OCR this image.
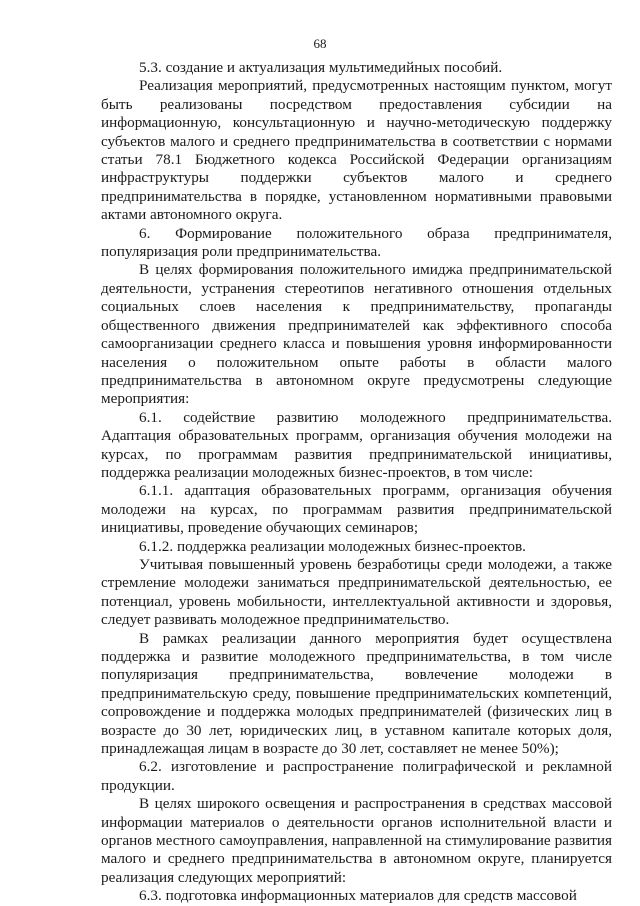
68

5.3. создание и актуализация мультимедийных пособий.

Реализация мероприятий, предусмотренных настоящим пунктом, могут быть реализованы посредством предоставления субсидии на информационную, консультационную и научно-методическую поддержку субъектов малого и среднего предпринимательства в соответствии с нормами статьи 78.1 Бюджетного кодекса Российской Федерации организациям инфраструктуры поддержки субъектов малого и среднего предпринимательства в порядке, установленном нормативными правовыми актами автономного округа.

6. Формирование положительного образа предпринимателя, популяризация роли предпринимательства.

В целях формирования положительного имиджа предпринимательской деятельности, устранения стереотипов негативного отношения отдельных социальных слоев населения к предпринимательству, пропаганды общественного движения предпринимателей как эффективного способа самоорганизации среднего класса и повышения уровня информированности населения о положительном опыте работы в области малого предпринимательства в автономном округе предусмотрены следующие мероприятия:

6.1. содействие развитию молодежного предпринимательства. Адаптация образовательных программ, организация обучения молодежи на курсах, по программам развития предпринимательской инициативы, поддержка реализации молодежных бизнес-проектов, в том числе:

6.1.1. адаптация образовательных программ, организация обучения молодежи на курсах, по программам развития предпринимательской инициативы, проведение обучающих семинаров;

6.1.2. поддержка реализации молодежных бизнес-проектов.

Учитывая повышенный уровень безработицы среди молодежи, а также стремление молодежи заниматься предпринимательской деятельностью, ее потенциал, уровень мобильности, интеллектуальной активности и здоровья, следует развивать молодежное предпринимательство.

В рамках реализации данного мероприятия будет осуществлена поддержка и развитие молодежного предпринимательства, в том числе популяризация предпринимательства, вовлечение молодежи в предпринимательскую среду, повышение предпринимательских компетенций, сопровождение и поддержка молодых предпринимателей (физических лиц в возрасте до 30 лет, юридических лиц, в уставном капитале которых доля, принадлежащая лицам в возрасте до 30 лет, составляет не менее 50%);

6.2. изготовление и распространение полиграфической и рекламной продукции.

В целях широкого освещения и распространения в средствах массовой информации материалов о деятельности органов исполнительной власти и органов местного самоуправления, направленной на стимулирование развития малого и среднего предпринимательства в автономном округе, планируется реализация следующих мероприятий:

6.3. подготовка информационных материалов для средств массовой
